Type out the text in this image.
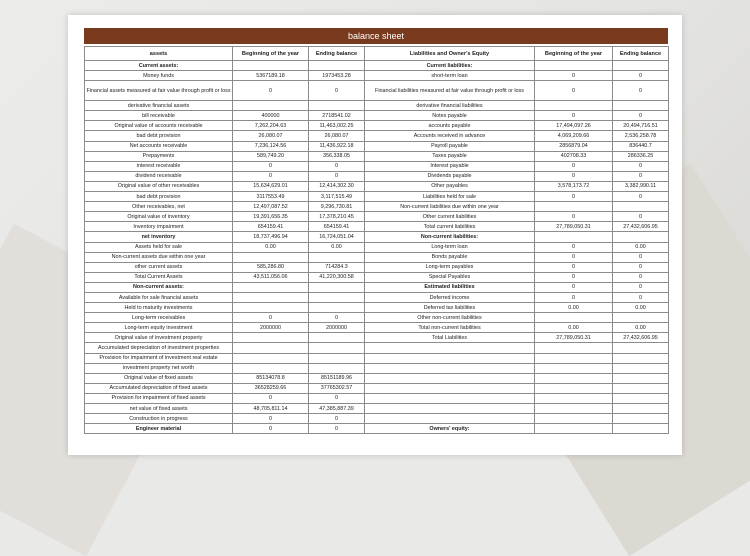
balance sheet
assets	Beginning of the year	Ending balance	Liabilities and Owner's Equity	Beginning of the year	Ending balance
Current assets:			Current liabilities:		
Money funds	5367189.18	1973453.28	short-term loan	0	0
Financial assets measured at fair value through profit or loss	0	0	Financial liabilities measured at fair value through profit or loss	0	0
derivative financial assets			derivative financial liabilities		
bill receivable	400000	2718541.02	Notes payable	0	0
Original value of accounts receivable	7,262,204.63	11,463,002.25	accounts payable	17,494,097.26	20,494,716.51
bad debt provision	26,080.07	26,080.07	Accounts received in advance	4,069,209.66	2,536,258.78
Net accounts receivable	7,236,124.56	11,436,922.18	Payroll payable	2856879.04	836440.7
Prepayments	589,749.20	356,338.05	Taxes payable	402708.33	286336.25
interest receivable	0	0	Interest payable	0	0
dividend receivable	0	0	Dividends payable	0	0
Original value of other receivables	15,634,629.01	12,414,302.30	Other payables	3,578,173.72	3,382,990.11
bad debt provision	3117553.49	3,117,515.49	Liabilities held for sale	0	0
Other receivables, net	12,497,087.52	9,296,730.81	Non-current liabilities due within one year		
Original value of inventory	19,391,656.35	17,378,210.45	Other current liabilities	0	0
Inventory impairment	654159.41	654159.41	Total current liabilities	27,789,050.31	27,432,606.95
net inventory	18,737,496.94	16,724,051.04	Non-current liabilities:		
Assets held for sale	0.00	0.00	Long-term loan	0	0.00
Non-current assets due within one year			Bonds payable	0	0
other current assets	585,286.80	714284.3	Long-term payables	0	0
Total Current Assets	43,511,056.06	41,220,300.58	Special Payables	0	0
Non-current assets:			Estimated liabilities	0	0
Available for sale financial assets			Deferred income	0	0
Held to maturity investments			Deferred tax liabilities	0.00	0.00
Long-term receivables	0	0	Other non-current liabilities		
Long-term equity investment	2000000	2000000	Total non-current liabilities	0.00	0.00
Original value of investment property			Total Liabilities	27,789,050.31	27,432,606.95
Accumulated depreciation of investment properties					
Provision for impairment of investment real estate					
investment property net worth					
Original value of fixed assets	85134078.8	85151189.96			
Accumulated depreciation of fixed assets	36528259.66	37765302.57			
Provision for impairment of fixed assets	0	0			
net value of fixed assets	48,705,811.14	47,385,887.39			
Construction in progress	0	0			
Engineer material	0	0	Owners' equity:		
